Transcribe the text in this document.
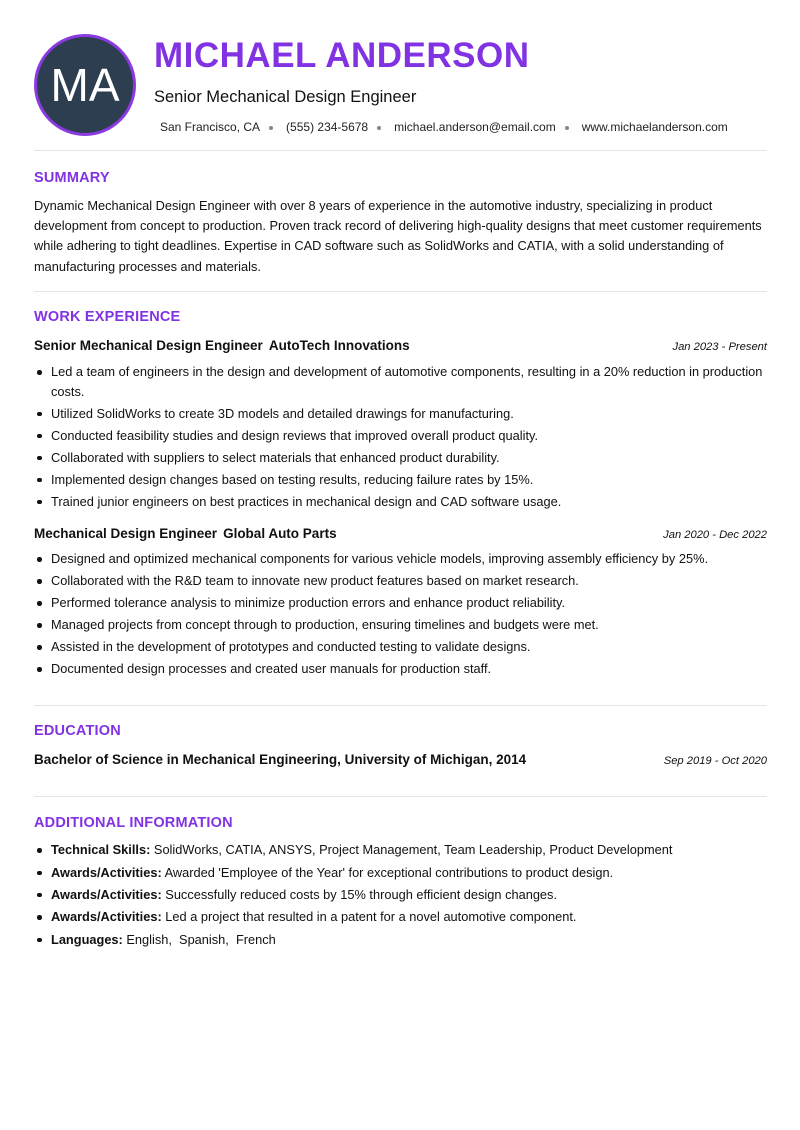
MA
MICHAEL ANDERSON
Senior Mechanical Design Engineer
San Francisco, CA (555) 234-5678 michael.anderson@email.com www.michaelanderson.com
SUMMARY
Dynamic Mechanical Design Engineer with over 8 years of experience in the automotive industry, specializing in product development from concept to production. Proven track record of delivering high-quality designs that meet customer requirements while adhering to tight deadlines. Expertise in CAD software such as SolidWorks and CATIA, with a solid understanding of manufacturing processes and materials.
WORK EXPERIENCE
Senior Mechanical Design Engineer AutoTech Innovations	Jan 2023 - Present
Led a team of engineers in the design and development of automotive components, resulting in a 20% reduction in production costs.
Utilized SolidWorks to create 3D models and detailed drawings for manufacturing.
Conducted feasibility studies and design reviews that improved overall product quality.
Collaborated with suppliers to select materials that enhanced product durability.
Implemented design changes based on testing results, reducing failure rates by 15%.
Trained junior engineers on best practices in mechanical design and CAD software usage.
Mechanical Design Engineer Global Auto Parts	Jan 2020 - Dec 2022
Designed and optimized mechanical components for various vehicle models, improving assembly efficiency by 25%.
Collaborated with the R&D team to innovate new product features based on market research.
Performed tolerance analysis to minimize production errors and enhance product reliability.
Managed projects from concept through to production, ensuring timelines and budgets were met.
Assisted in the development of prototypes and conducted testing to validate designs.
Documented design processes and created user manuals for production staff.
EDUCATION
Bachelor of Science in Mechanical Engineering, University of Michigan, 2014	Sep 2019 - Oct 2020
ADDITIONAL INFORMATION
Technical Skills: SolidWorks, CATIA, ANSYS, Project Management, Team Leadership, Product Development
Awards/Activities: Awarded 'Employee of the Year' for exceptional contributions to product design.
Awards/Activities: Successfully reduced costs by 15% through efficient design changes.
Awards/Activities: Led a project that resulted in a patent for a novel automotive component.
Languages: English,  Spanish,  French
